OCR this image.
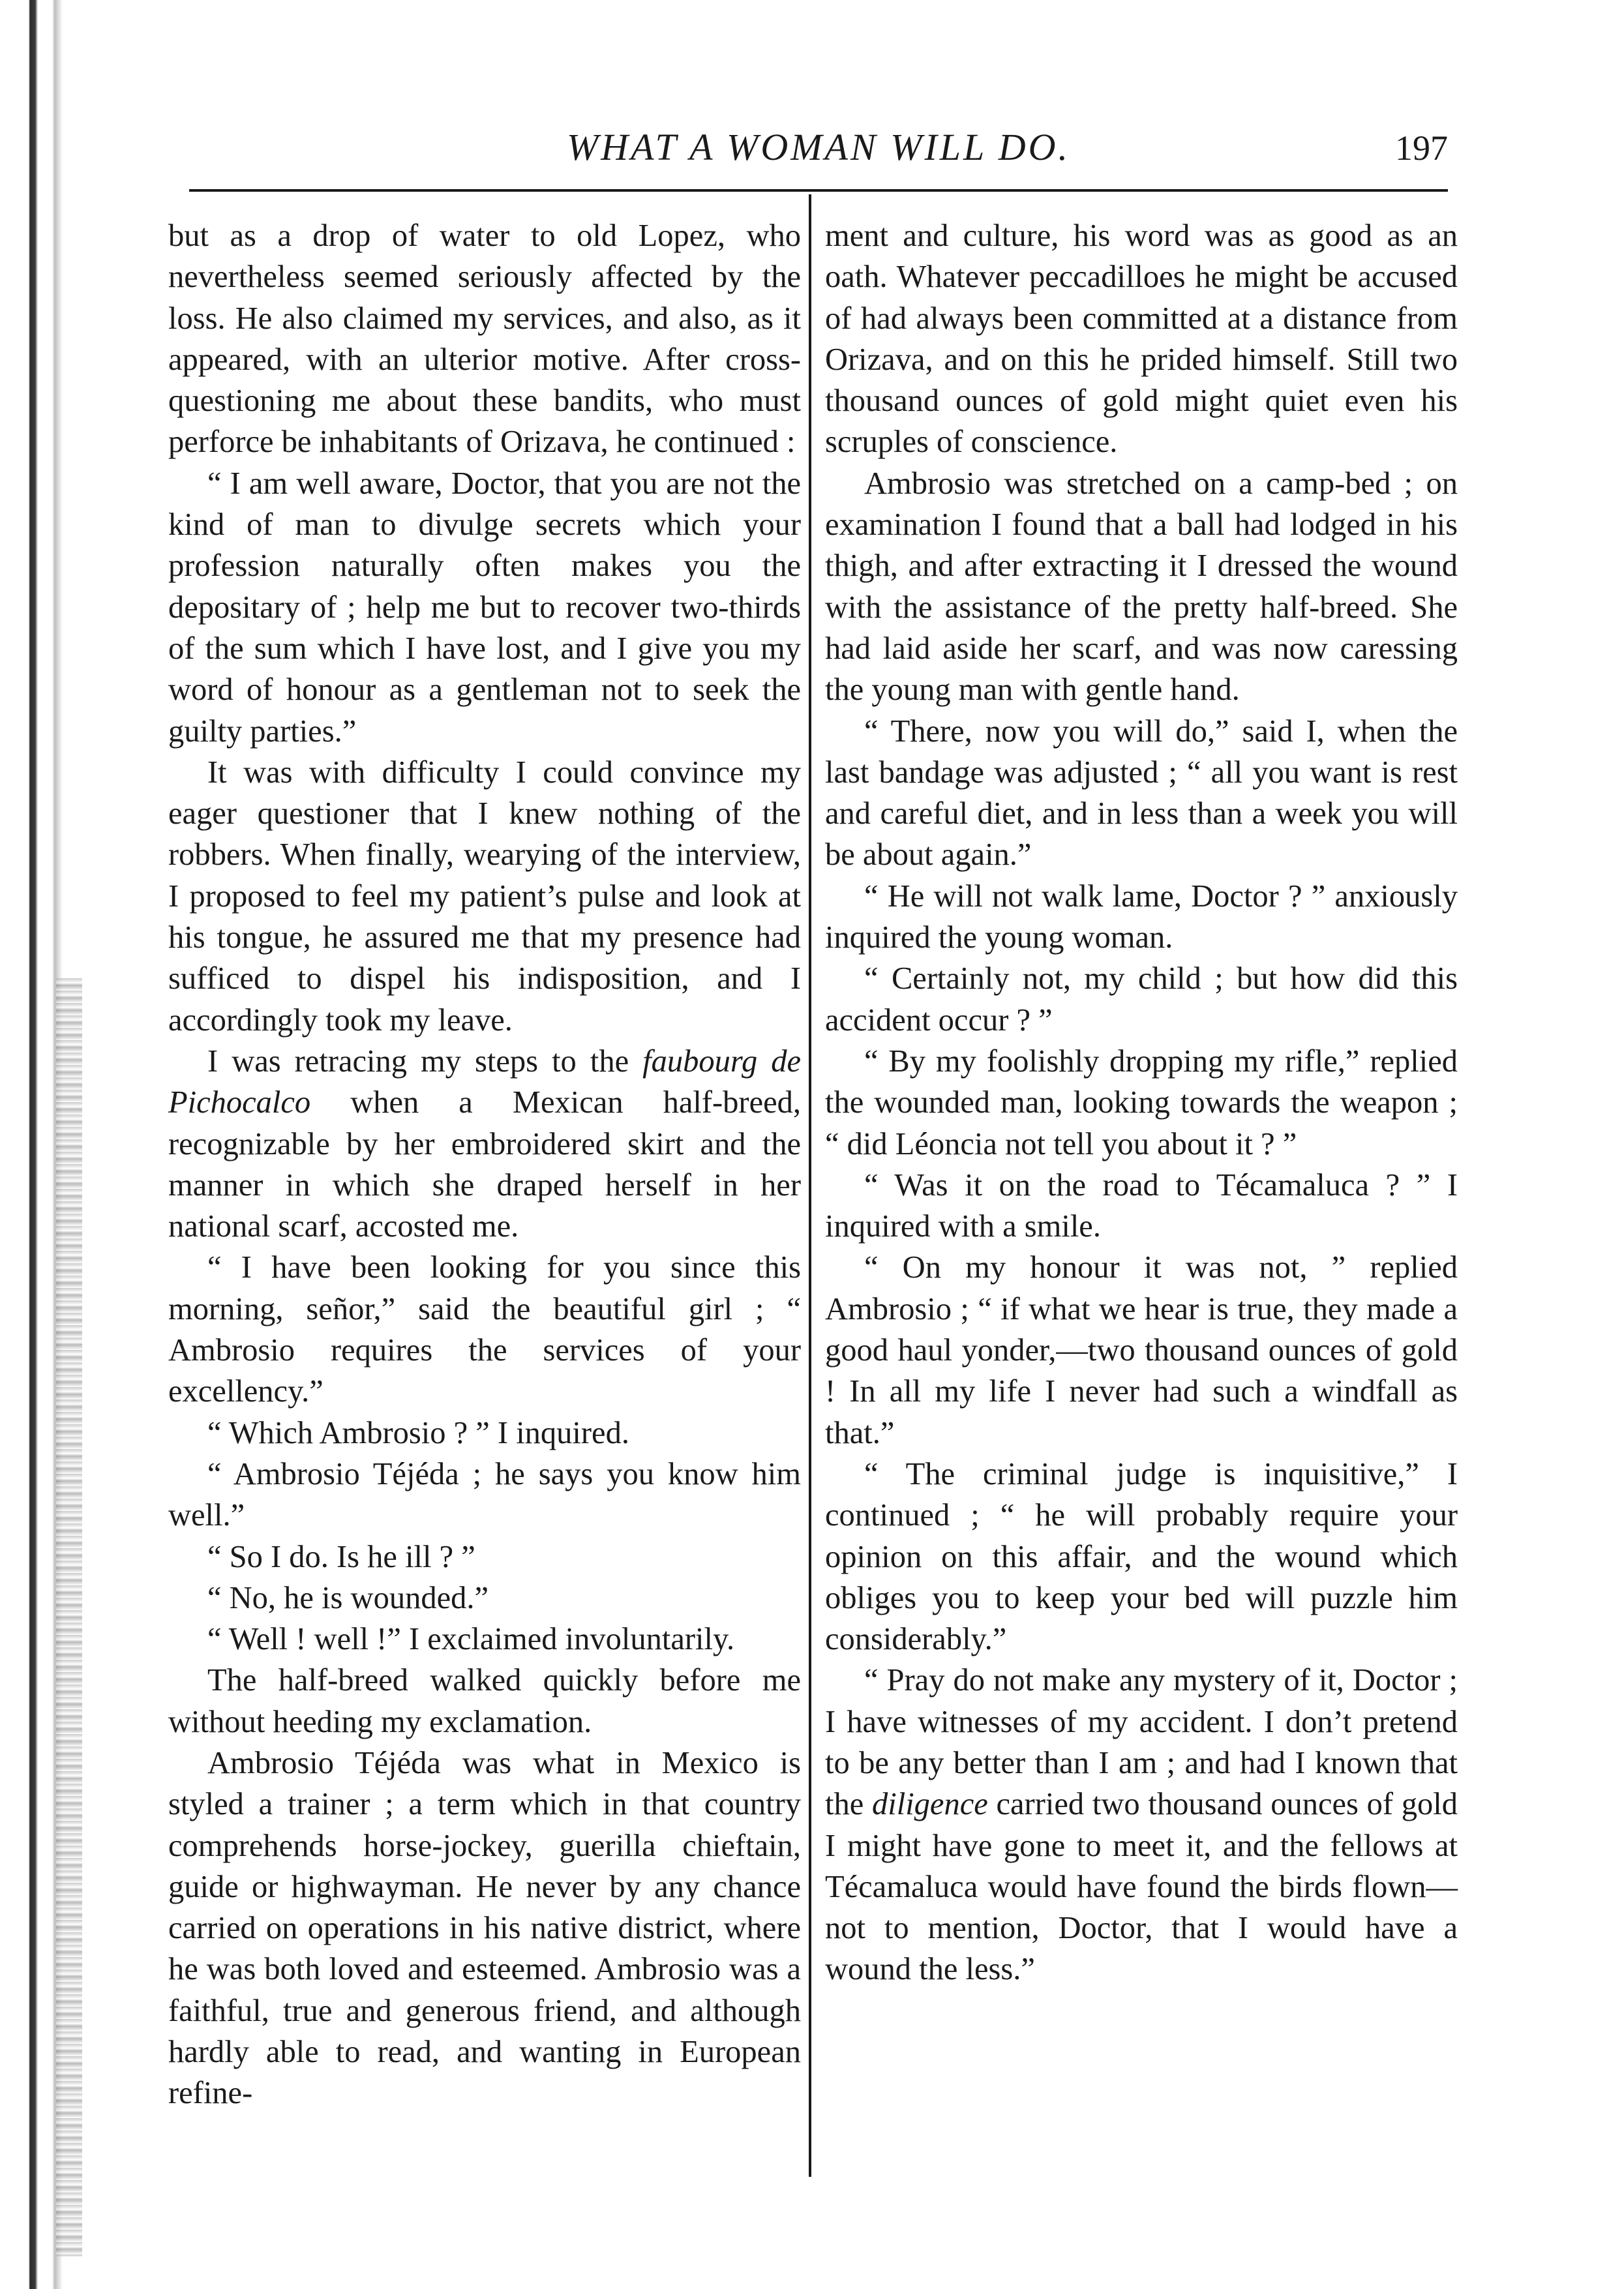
WHAT A WOMAN WILL DO.	197

but as a drop of water to old Lopez, who nevertheless seemed seriously affected by the loss. He also claimed my services, and also, as it appeared, with an ulterior motive. After cross-questioning me about these bandits, who must perforce be inhabitants of Orizava, he continued :

“ I am well aware, Doctor, that you are not the kind of man to divulge secrets which your profession naturally often makes you the depositary of ; help me but to recover two-thirds of the sum which I have lost, and I give you my word of honour as a gentleman not to seek the guilty parties.”

It was with difficulty I could convince my eager questioner that I knew nothing of the robbers. When finally, wearying of the interview, I proposed to feel my patient’s pulse and look at his tongue, he assured me that my presence had sufficed to dispel his indisposition, and I accordingly took my leave.

I was retracing my steps to the faubourg de Pichocalco when a Mexican half-breed, recognizable by her embroidered skirt and the manner in which she draped herself in her national scarf, accosted me.

“ I have been looking for you since this morning, señor,” said the beautiful girl ; “ Ambrosio requires the services of your excellency.”

“ Which Ambrosio ? ” I inquired.

“ Ambrosio Téjéda ; he says you know him well.”

“ So I do. Is he ill ? ”

“ No, he is wounded.”

“ Well ! well !” I exclaimed involuntarily.

The half-breed walked quickly before me without heeding my exclamation.

Ambrosio Téjéda was what in Mexico is styled a trainer ; a term which in that country comprehends horse-jockey, guerilla chieftain, guide or highwayman. He never by any chance carried on operations in his native district, where he was both loved and esteemed. Ambrosio was a faithful, true and generous friend, and although hardly able to read, and wanting in European refine-

ment and culture, his word was as good as an oath. Whatever peccadilloes he might be accused of had always been committed at a distance from Orizava, and on this he prided himself. Still two thousand ounces of gold might quiet even his scruples of conscience.

Ambrosio was stretched on a camp-bed ; on examination I found that a ball had lodged in his thigh, and after extracting it I dressed the wound with the assistance of the pretty half-breed. She had laid aside her scarf, and was now caressing the young man with gentle hand.

“ There, now you will do,” said I, when the last bandage was adjusted ; “ all you want is rest and careful diet, and in less than a week you will be about again.”

“ He will not walk lame, Doctor ? ” anxiously inquired the young woman.

“ Certainly not, my child ; but how did this accident occur ? ”

“ By my foolishly dropping my rifle,” replied the wounded man, looking towards the weapon ; “ did Léoncia not tell you about it ? ”

“ Was it on the road to Técamaluca ? ” I inquired with a smile.

“ On my honour it was not, ” replied Ambrosio ; “ if what we hear is true, they made a good haul yonder,—two thousand ounces of gold ! In all my life I never had such a windfall as that.”

“ The criminal judge is inquisitive,” I continued ; “ he will probably require your opinion on this affair, and the wound which obliges you to keep your bed will puzzle him considerably.”

“ Pray do not make any mystery of it, Doctor ; I have witnesses of my accident. I don’t pretend to be any better than I am ; and had I known that the diligence carried two thousand ounces of gold I might have gone to meet it, and the fellows at Técamaluca would have found the birds flown—not to mention, Doctor, that I would have a wound the less.”
